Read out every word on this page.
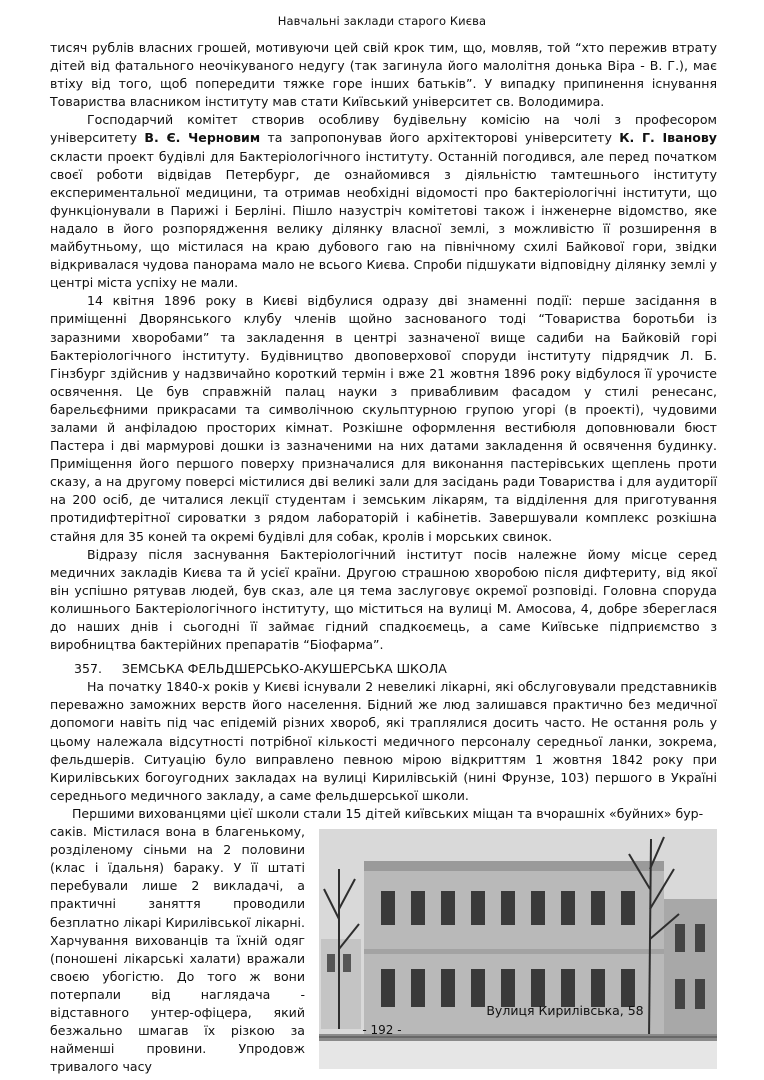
Навчальні заклади старого Києва

тисяч рублів власних грошей, мотивуючи цей свій крок тим, що, мовляв, той “хто пережив втрату дітей від фатального неочікуваного недугу (так загинула його малолітня донька Віра - В. Г.), має втіху від того, щоб попередити тяжке горе інших батьків”. У випадку припинення існування Товариства власником інституту мав стати Київський університет св. Володимира.

Господарчий комітет створив особливу будівельну комісію на чолі з професором університету В. Є. Черновим та запропонував його архітекторові університету К. Г. Іванову скласти проект будівлі для Бактеріологічного інституту. Останній погодився, але перед початком своєї роботи відвідав Петербург, де ознайомився з діяльністю тамтешнього інституту експериментальної медицини, та отримав необхідні відомості про бактеріологічні інститути, що функціонували в Парижі і Берліні. Пішло назустріч комітетові також і інженерне відомство, яке надало в його розпорядження велику ділянку власної землі, з можливістю її розширення в майбутньому, що містилася на краю дубового гаю на північному схилі Байкової гори, звідки відкривалася чудова панорама мало не всього Києва. Спроби підшукати відповідну ділянку землі у центрі міста успіху не мали.

14 квітня 1896 року в Києві відбулися одразу дві знаменні події: перше засідання в приміщенні Дворянського клубу членів щойно заснованого тоді “Товариства боротьби із заразними хворобами” та закладення в центрі зазначеної вище садиби на Байковій горі Бактеріологічного інституту. Будівництво двоповерхової споруди інституту підрядчик Л. Б. Гінзбург здійснив у надзвичайно короткий термін і вже 21 жовтня 1896 року відбулося її урочисте освячення. Це був справжній палац науки з привабливим фасадом у стилі ренесанс, барельєфними прикрасами та символічною скульптурною групою угорі (в проекті), чудовими залами й анфіладою просторих кімнат. Розкішне оформлення вестибюля доповнювали бюст Пастера і дві мармурові дошки із зазначеними на них датами закладення й освячення будинку. Приміщення його першого поверху призначалися для виконання пастерівських щеплень проти сказу, а на другому поверсі містилися дві великі зали для засідань ради Товариства і для аудиторії на 200 осіб, де читалися лекції студентам і земським лікарям, та відділення для приготування протидифтерітної сироватки з рядом лабораторій і кабінетів. Завершували комплекс розкішна стайня для 35 коней та окремі будівлі для собак, кролів і морських свинок.

Відразу після заснування Бактеріологічний інститут посів належне йому місце серед медичних закладів Києва та й усієї країни. Другою страшною хворобою після дифтериту, від якої він успішно рятував людей, був сказ, але ця тема заслуговує окремої розповіді. Головна споруда колишнього Бактеріологічного інституту, що міститься на вулиці М. Амосова, 4, добре збереглася до наших днів і сьогодні її займає гідний спадкоємець, а саме Київське підприємство з виробництва бактерійних препаратів “Біофарма”.

357. ЗЕМСЬКА ФЕЛЬДШЕРСЬКО-АКУШЕРСЬКА ШКОЛА

На початку 1840-х років у Києві існували 2 невеликі лікарні, які обслуговували представників переважно заможних верств його населення. Бідний же люд залишався практично без медичної допомоги навіть під час епідемій різних хвороб, які траплялися досить часто. Не остання роль у цьому належала відсутності потрібної кількості медичного персоналу середньої ланки, зокрема, фельдшерів. Ситуацію було виправлено певною мірою відкриттям 1 жовтня 1842 року при Кирилівських богоугодних закладах на вулиці Кирилівській (нині Фрунзе, 103) першого в Україні середнього медичного закладу, а саме фельдшерської школи.

Першими вихованцями цієї школи стали 15 дітей київських міщан та вчорашніх «буйних» бур-

саків. Містилася вона в благенькому, розділеному сіньми на 2 половини (клас і їдальня) бараку. У її штаті перебували лише 2 викладачі, а практичні заняття проводили безплатно лікарі Кирилівської лікарні. Харчування вихованців та їхній одяг (поношені лікарські халати) вражали своєю убогістю. До того ж вони потерпали від наглядача - відставного унтер-офіцера, який безжально шмагав їх різкою за найменші провини. Упродовж тривалого часу

Вулиця Кирилівська, 58
- 192 -
